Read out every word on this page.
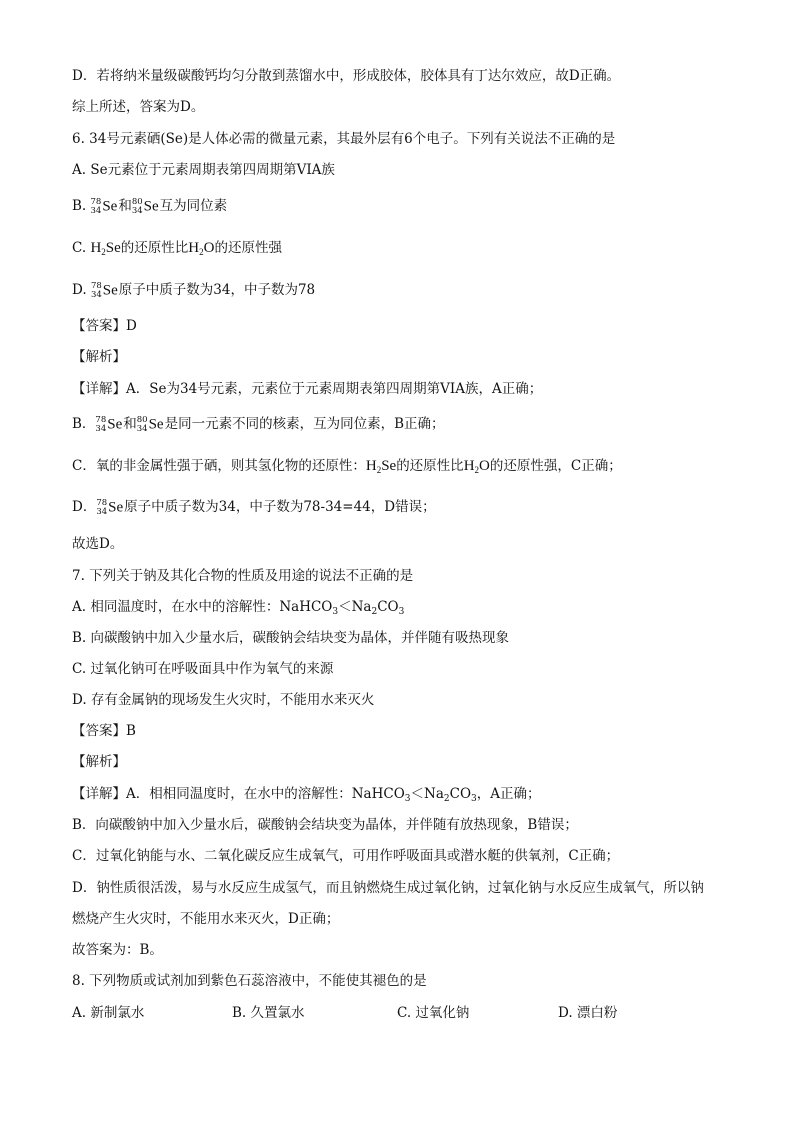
D．若将纳米量级碳酸钙均匀分散到蒸馏水中，形成胶体，胶体具有丁达尔效应，故D正确。
综上所述，答案为D。
6. 34号元素硒(Se)是人体必需的微量元素，其最外层有6个电子。下列有关说法不正确的是
A. Se元素位于元素周期表第四周期第VIA族
B. 78
34 Se和 80
34 Se互为同位素
C. $H_2Se$的还原性比$H_2O$的还原性强
D. 78
34 Se原子中质子数为34，中子数为78
【答案】D
【解析】
【详解】A．Se为34号元素，元素位于元素周期表第四周期第VIA族，A正确；
B． 78
34 Se和 80
34 Se是同一元素不同的核素，互为同位素，B正确；
C．氧的非金属性强于硒，则其氢化物的还原性：$H_2Se$的还原性比$H_2O$的还原性强，C正确；
D． 78
34 Se原子中质子数为34，中子数为78-34=44，D错误；
故选D。
7. 下列关于钠及其化合物的性质及用途的说法不正确的是
A. 相同温度时，在水中的溶解性：$NaHCO_3<Na_2CO_3$
B. 向碳酸钠中加入少量水后，碳酸钠会结块变为晶体，并伴随有吸热现象
C. 过氧化钠可在呼吸面具中作为氧气的来源
D. 存有金属钠的现场发生火灾时，不能用水来灭火
【答案】B
【解析】
【详解】A．相相同温度时，在水中的溶解性：$NaHCO_3<Na_2CO_3$，A正确；
B．向碳酸钠中加入少量水后，碳酸钠会结块变为晶体，并伴随有放热现象，B错误；
C．过氧化钠能与水、二氧化碳反应生成氧气，可用作呼吸面具或潜水艇的供氧剂，C正确；
D．钠性质很活泼，易与水反应生成氢气，而且钠燃烧生成过氧化钠，过氧化钠与水反应生成氧气，所以钠
燃烧产生火灾时，不能用水来灭火，D正确；
故答案为：B。
8. 下列物质或试剂加到紫色石蕊溶液中，不能使其褪色的是
A. 新制氯水	B. 久置氯水	C. 过氧化钠	D. 漂白粉
